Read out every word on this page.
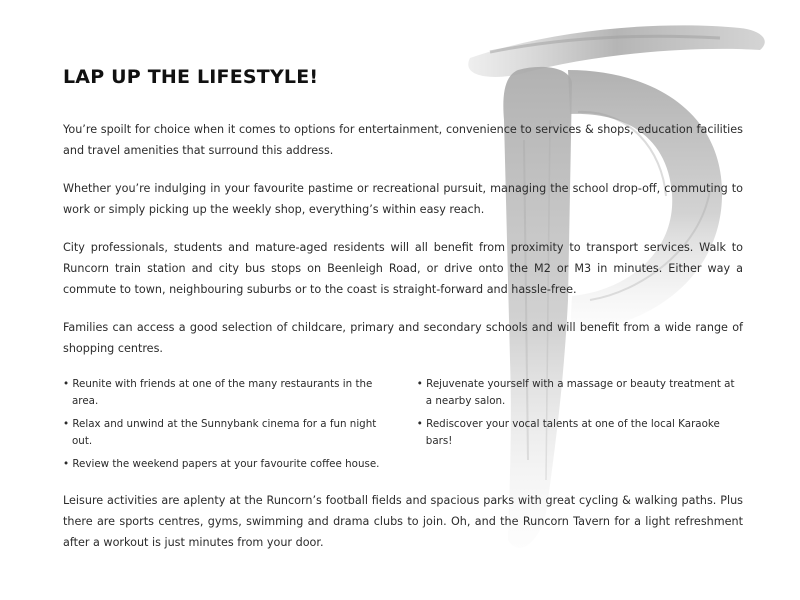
LAP UP THE LIFESTYLE!

You’re spoilt for choice when it comes to options for entertainment, convenience to services & shops, education facilities and travel amenities that surround this address.

Whether you’re indulging in your favourite pastime or recreational pursuit, managing the school drop-off, commuting to work or simply picking up the weekly shop, everything’s within easy reach.

City professionals, students and mature-aged residents will all benefit from proximity to transport services. Walk to Runcorn train station and city bus stops on Beenleigh Road, or drive onto the M2 or M3 in minutes. Either way a commute to town, neighbouring suburbs or to the coast is straight-forward and hassle-free.

Families can access a good selection of childcare, primary and secondary schools and will benefit from a wide range of shopping centres.

• Reunite with friends at one of the many restaurants in the area.
• Relax and unwind at the Sunnybank cinema for a fun night out.
• Review the weekend papers at your favourite coffee house.
• Rejuvenate yourself with a massage or beauty treatment at a nearby salon.
• Rediscover your vocal talents at one of the local Karaoke bars!

Leisure activities are aplenty at the Runcorn’s football fields and spacious parks with great cycling & walking paths. Plus there are sports centres, gyms, swimming and drama clubs to join. Oh, and the Runcorn Tavern for a light refreshment after a workout is just minutes from your door.
